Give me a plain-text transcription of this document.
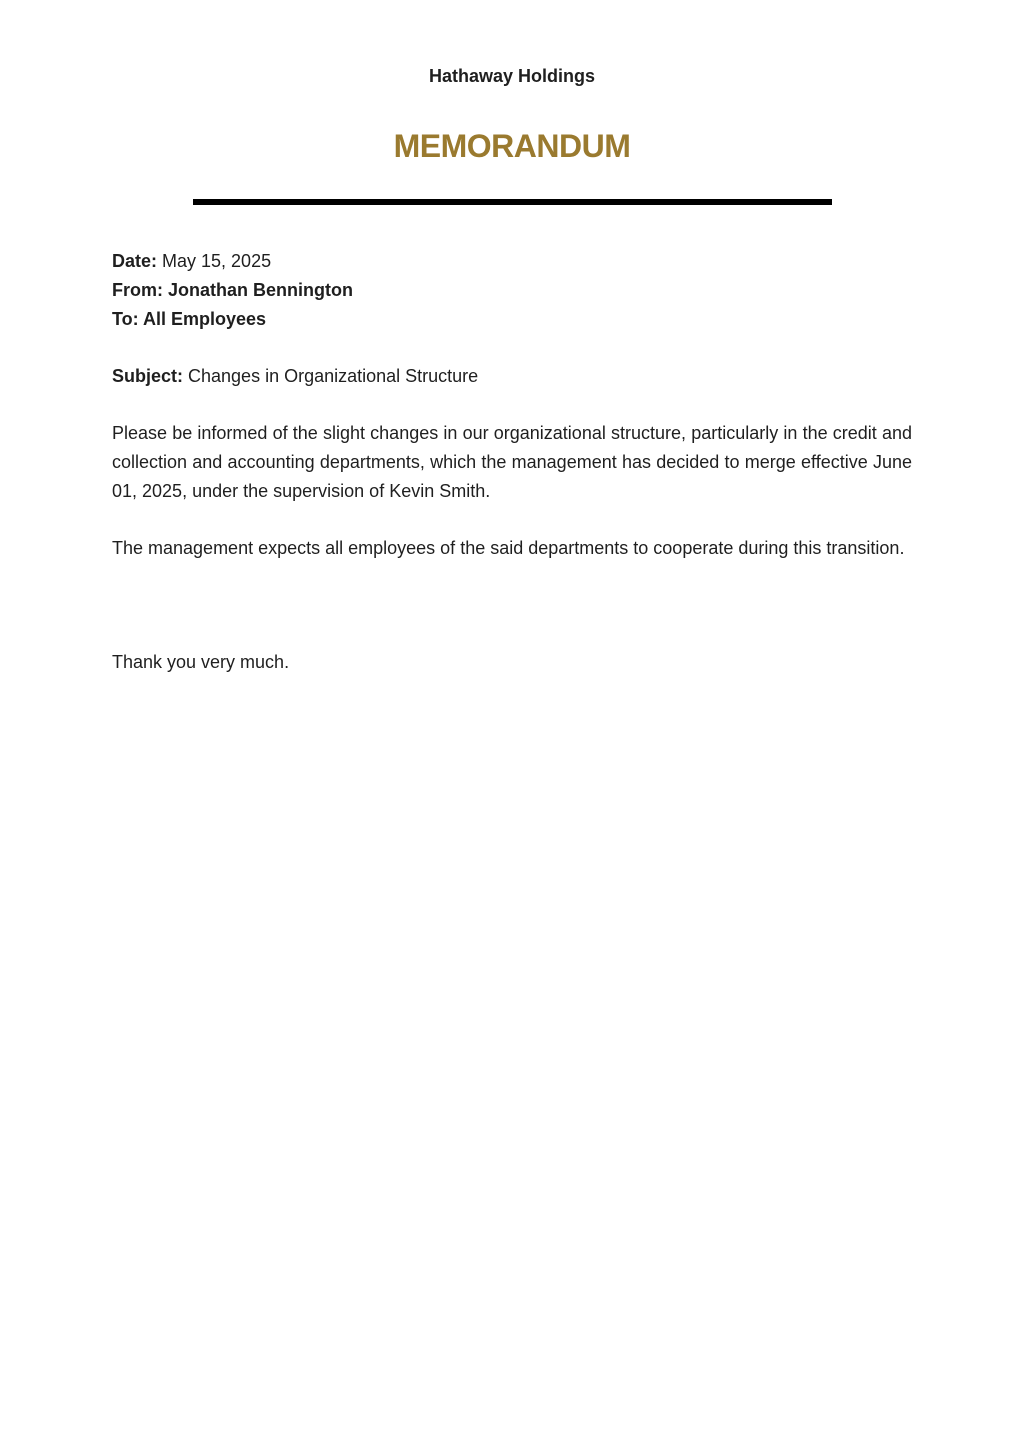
Hathaway Holdings
MEMORANDUM
Date: May 15, 2025
From: Jonathan Bennington
To: All Employees
Subject: Changes in Organizational Structure
Please be informed of the slight changes in our organizational structure, particularly in the credit and collection and accounting departments, which the management has decided to merge effective June 01, 2025, under the supervision of Kevin Smith.
The management expects all employees of the said departments to cooperate during this transition.
Thank you very much.
